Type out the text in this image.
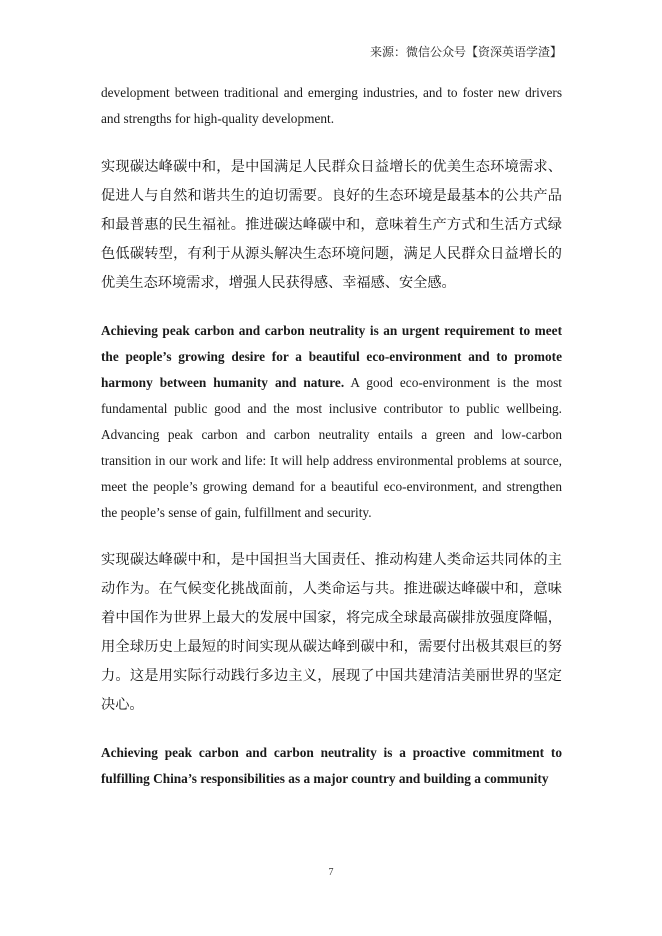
来源：微信公众号【资深英语学渣】

development between traditional and emerging industries, and to foster new drivers and strengths for high-quality development.

实现碳达峰碳中和，是中国满足人民群众日益增长的优美生态环境需求、促进人与自然和谐共生的迫切需要。良好的生态环境是最基本的公共产品和最普惠的民生福祉。推进碳达峰碳中和，意味着生产方式和生活方式绿色低碳转型，有利于从源头解决生态环境问题，满足人民群众日益增长的优美生态环境需求，增强人民获得感、幸福感、安全感。

Achieving peak carbon and carbon neutrality is an urgent requirement to meet the people’s growing desire for a beautiful eco-environment and to promote harmony between humanity and nature. A good eco-environment is the most fundamental public good and the most inclusive contributor to public wellbeing. Advancing peak carbon and carbon neutrality entails a green and low-carbon transition in our work and life: It will help address environmental problems at source, meet the people’s growing demand for a beautiful eco-environment, and strengthen the people’s sense of gain, fulfillment and security.

实现碳达峰碳中和，是中国担当大国责任、推动构建人类命运共同体的主动作为。在气候变化挑战面前，人类命运与共。推进碳达峰碳中和，意味着中国作为世界上最大的发展中国家，将完成全球最高碳排放强度降幅，用全球历史上最短的时间实现从碳达峰到碳中和，需要付出极其艰巨的努力。这是用实际行动践行多边主义，展现了中国共建清洁美丽世界的坚定决心。

Achieving peak carbon and carbon neutrality is a proactive commitment to fulfilling China’s responsibilities as a major country and building a community

7
